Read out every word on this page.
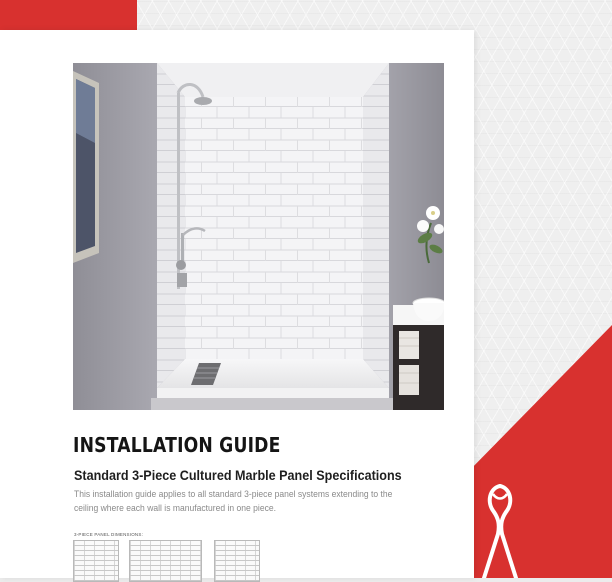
INSTALLATION GUIDE
Standard 3-Piece Cultured Marble Panel Specifications

This installation guide applies to all standard 3-piece panel systems extending to the ceiling where each wall is manufactured in one piece.

3-PIECE PANEL DIMENSIONS:
